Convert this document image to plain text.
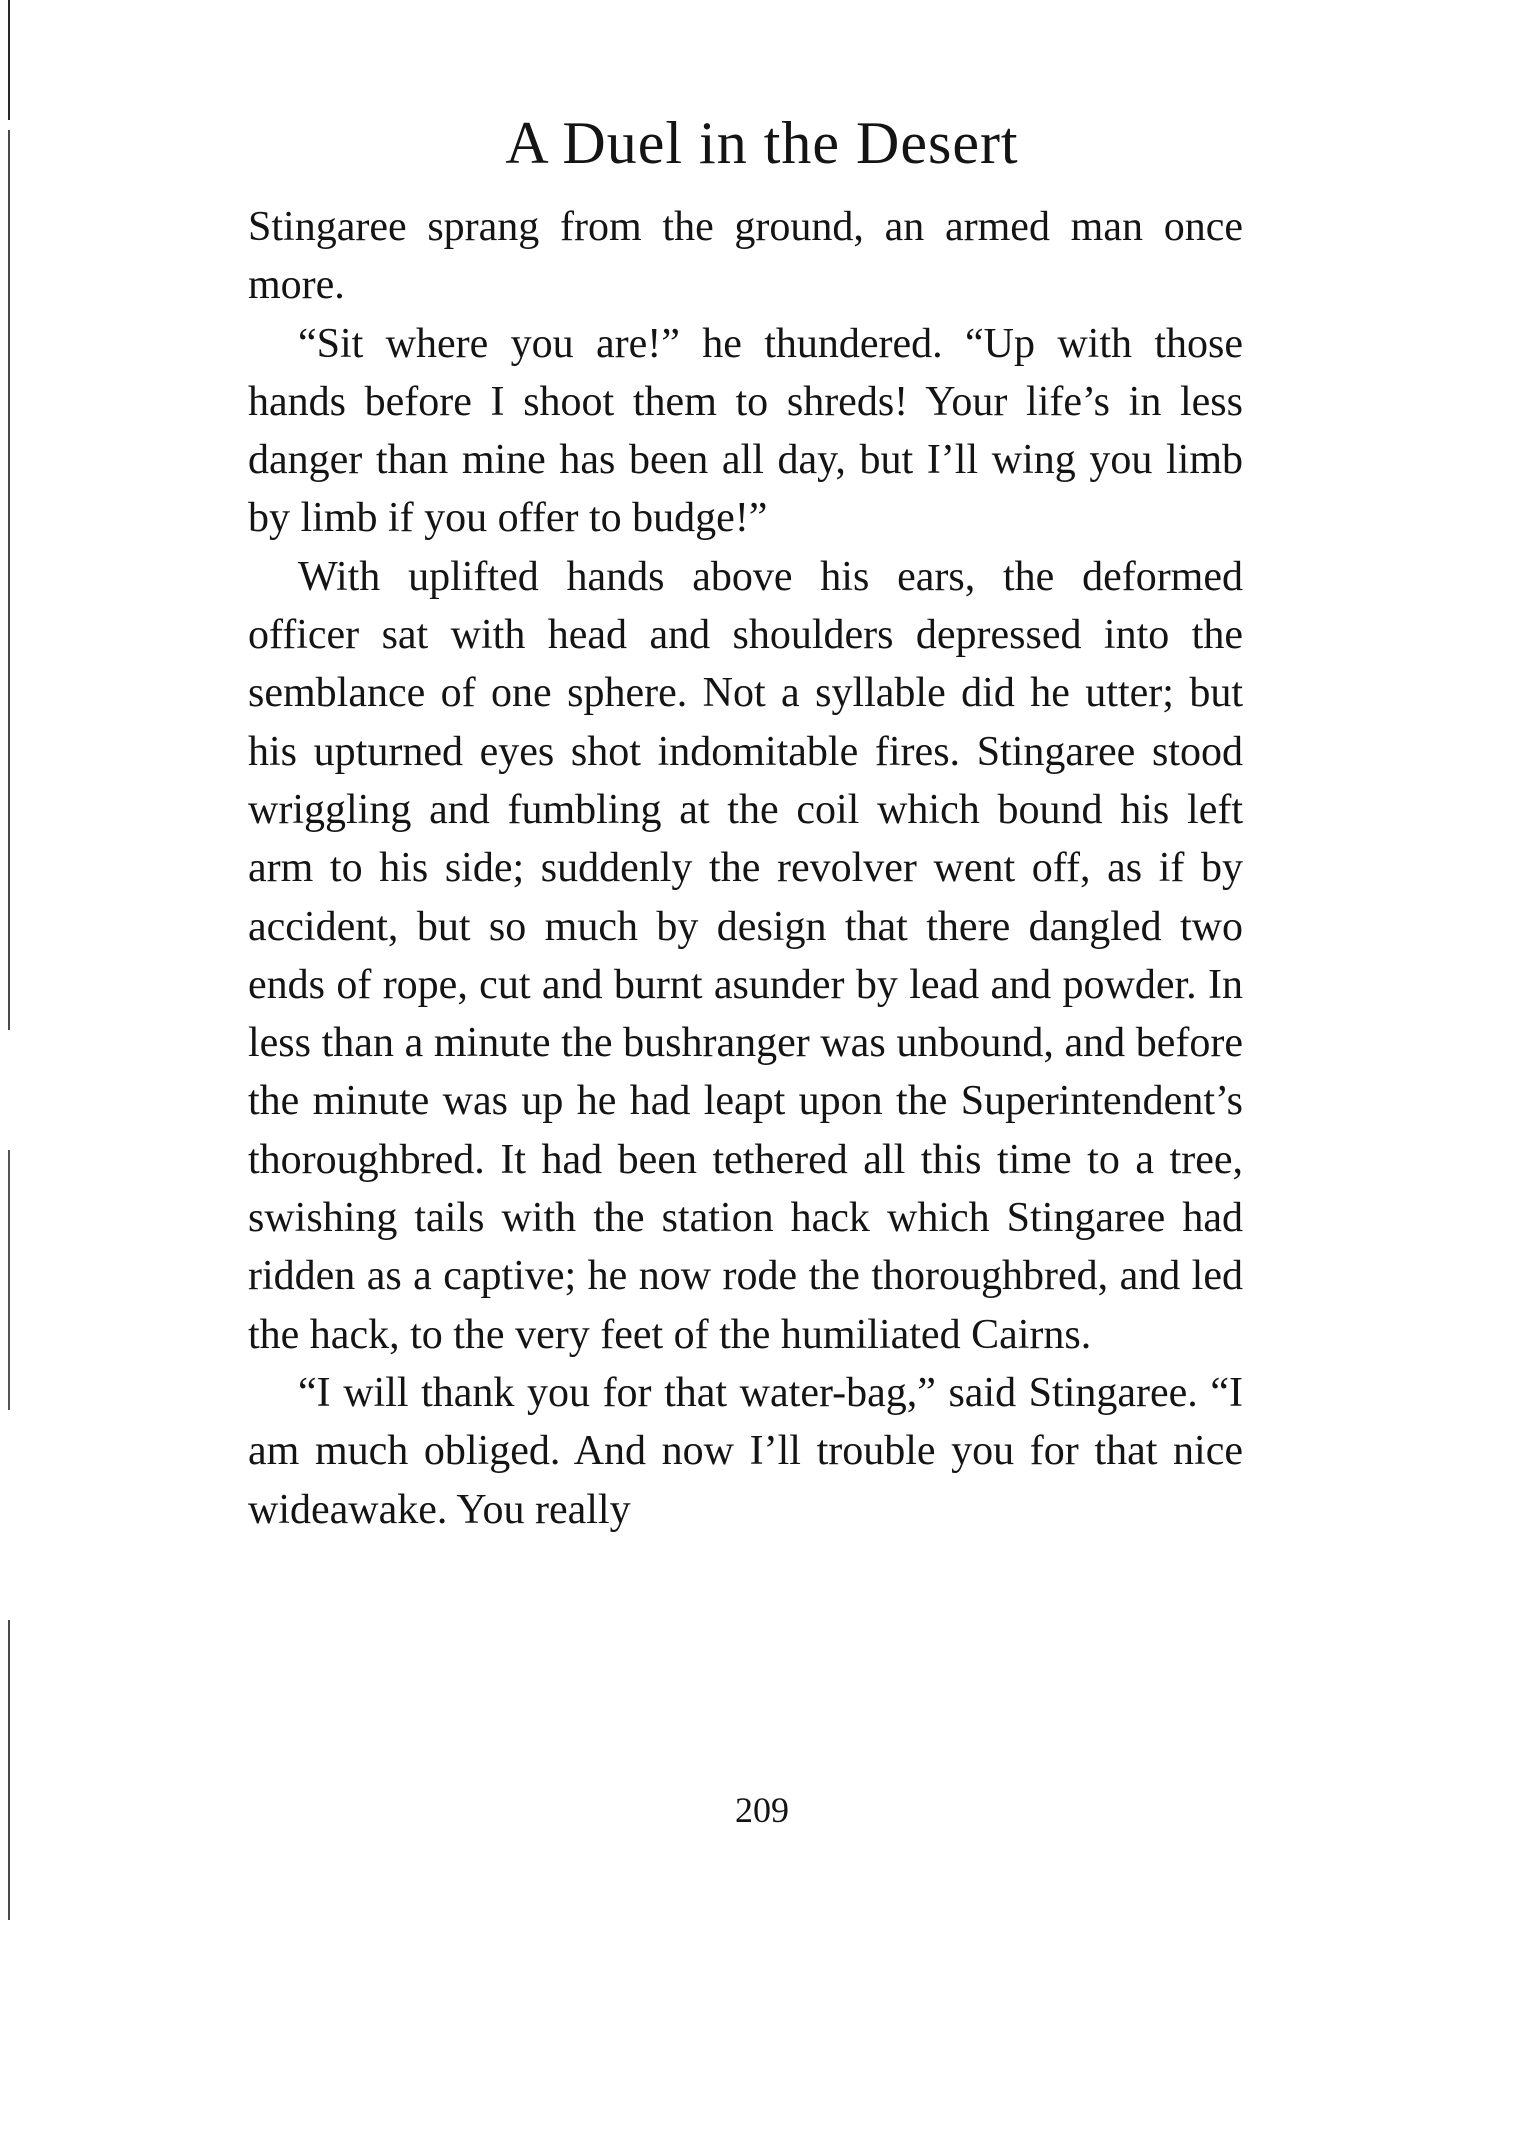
A Duel in the Desert

Stingaree sprang from the ground, an armed man once more.

“Sit where you are!” he thundered. “Up with those hands before I shoot them to shreds! Your life’s in less danger than mine has been all day, but I’ll wing you limb by limb if you offer to budge!”

With uplifted hands above his ears, the deformed officer sat with head and shoulders depressed into the semblance of one sphere. Not a syllable did he utter; but his upturned eyes shot indomitable fires. Stingaree stood wriggling and fumbling at the coil which bound his left arm to his side; suddenly the revolver went off, as if by accident, but so much by design that there dangled two ends of rope, cut and burnt asunder by lead and powder. In less than a minute the bushranger was unbound, and before the minute was up he had leapt upon the Superintendent’s thoroughbred. It had been tethered all this time to a tree, swishing tails with the station hack which Stingaree had ridden as a captive; he now rode the thoroughbred, and led the hack, to the very feet of the humiliated Cairns.

“I will thank you for that water-bag,” said Stingaree. “I am much obliged. And now I’ll trouble you for that nice wideawake. You really

209
